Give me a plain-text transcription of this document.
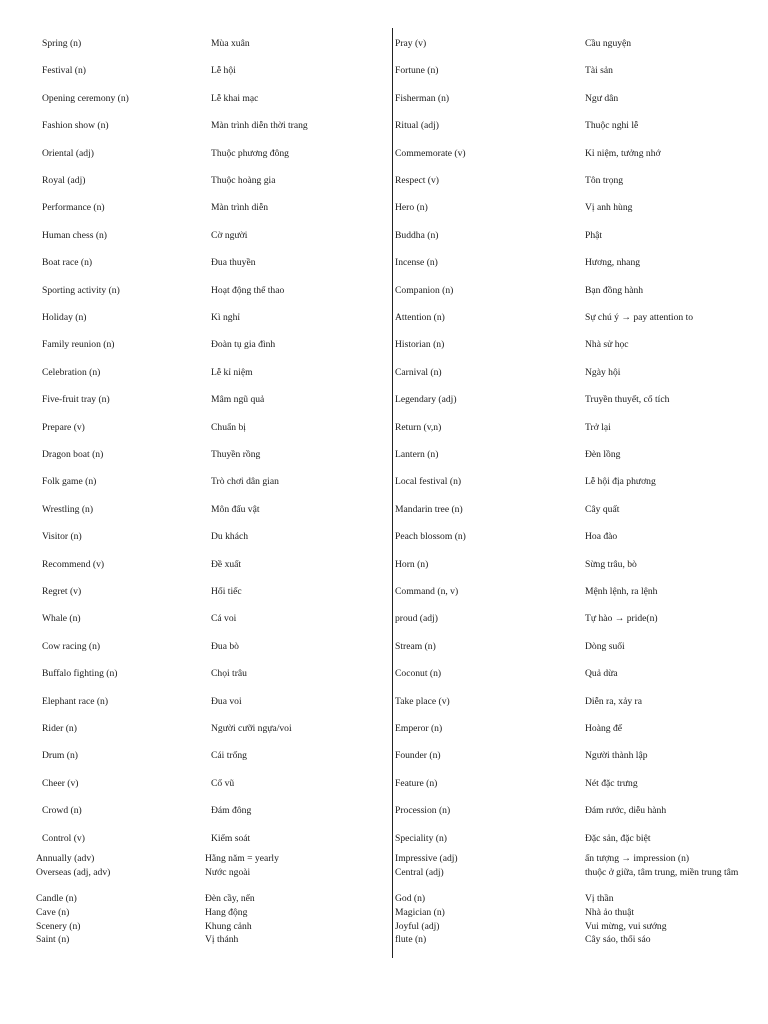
Spring (n)	Mùa xuân	Pray (v)	Cầu nguyện
Festival (n)	Lễ hội	Fortune (n)	Tài sản
Opening ceremony (n)	Lễ khai mạc	Fisherman (n)	Ngư dân
Fashion show (n)	Màn trình diễn thời trang	Ritual (adj)	Thuộc nghi lễ
Oriental (adj)	Thuộc phương đông	Commemorate (v)	Kỉ niệm, tưởng nhớ
Royal (adj)	Thuộc hoàng gia	Respect (v)	Tôn trọng
Performance (n)	Màn trình diễn	Hero (n)	Vị anh hùng
Human chess (n)	Cờ người	Buddha (n)	Phật
Boat race (n)	Đua thuyền	Incense (n)	Hương, nhang
Sporting activity (n)	Hoạt động thể thao	Companion (n)	Bạn đồng hành
Holiday (n)	Kì nghỉ	Attention (n)	Sự chú ý → pay attention to
Family reunion (n)	Đoàn tụ gia đình	Historian (n)	Nhà sử học
Celebration (n)	Lễ kỉ niệm	Carnival (n)	Ngày hội
Five-fruit tray (n)	Mâm ngũ quả	Legendary (adj)	Truyền thuyết, cổ tích
Prepare (v)	Chuẩn bị	Return (v,n)	Trở lại
Dragon boat (n)	Thuyền rồng	Lantern (n)	Đèn lồng
Folk game (n)	Trò chơi dân gian	Local festival (n)	Lễ hội địa phương
Wrestling (n)	Môn đấu vật	Mandarin tree (n)	Cây quất
Visitor (n)	Du khách	Peach blossom (n)	Hoa đào
Recommend (v)	Đề xuất	Horn (n)	Sừng trâu, bò
Regret (v)	Hối tiếc	Command (n, v)	Mệnh lệnh, ra lệnh
Whale (n)	Cá voi	proud (adj)	Tự hào → pride(n)
Cow racing (n)	Đua bò	Stream (n)	Dòng suối
Buffalo fighting (n)	Chọi trâu	Coconut (n)	Quả dừa
Elephant race (n)	Đua voi	Take place (v)	Diễn ra, xảy ra
Rider (n)	Người cưỡi ngựa/voi	Emperor (n)	Hoàng đế
Drum (n)	Cái trống	Founder (n)	Người thành lập
Cheer (v)	Cổ vũ	Feature (n)	Nét đặc trưng
Crowd (n)	Đám đông	Procession (n)	Đám rước, diễu hành
Control (v)	Kiểm soát	Speciality (n)	Đặc sản, đặc biệt
Annually (adv)	Hằng năm = yearly	Impressive (adj)	ấn tượng → impression (n)
Overseas (adj, adv)	Nước ngoài	Central (adj)	thuộc ở giữa, tâm trung, miền trung tâm
Candle (n)	Đèn cầy, nến	God (n)	Vị thần
Cave (n)	Hang động	Magician (n)	Nhà ảo thuật
Scenery (n)	Khung cảnh	Joyful (adj)	Vui mừng, vui sướng
Saint (n)	Vị thánh	flute (n)	Cây sáo, thổi sáo
